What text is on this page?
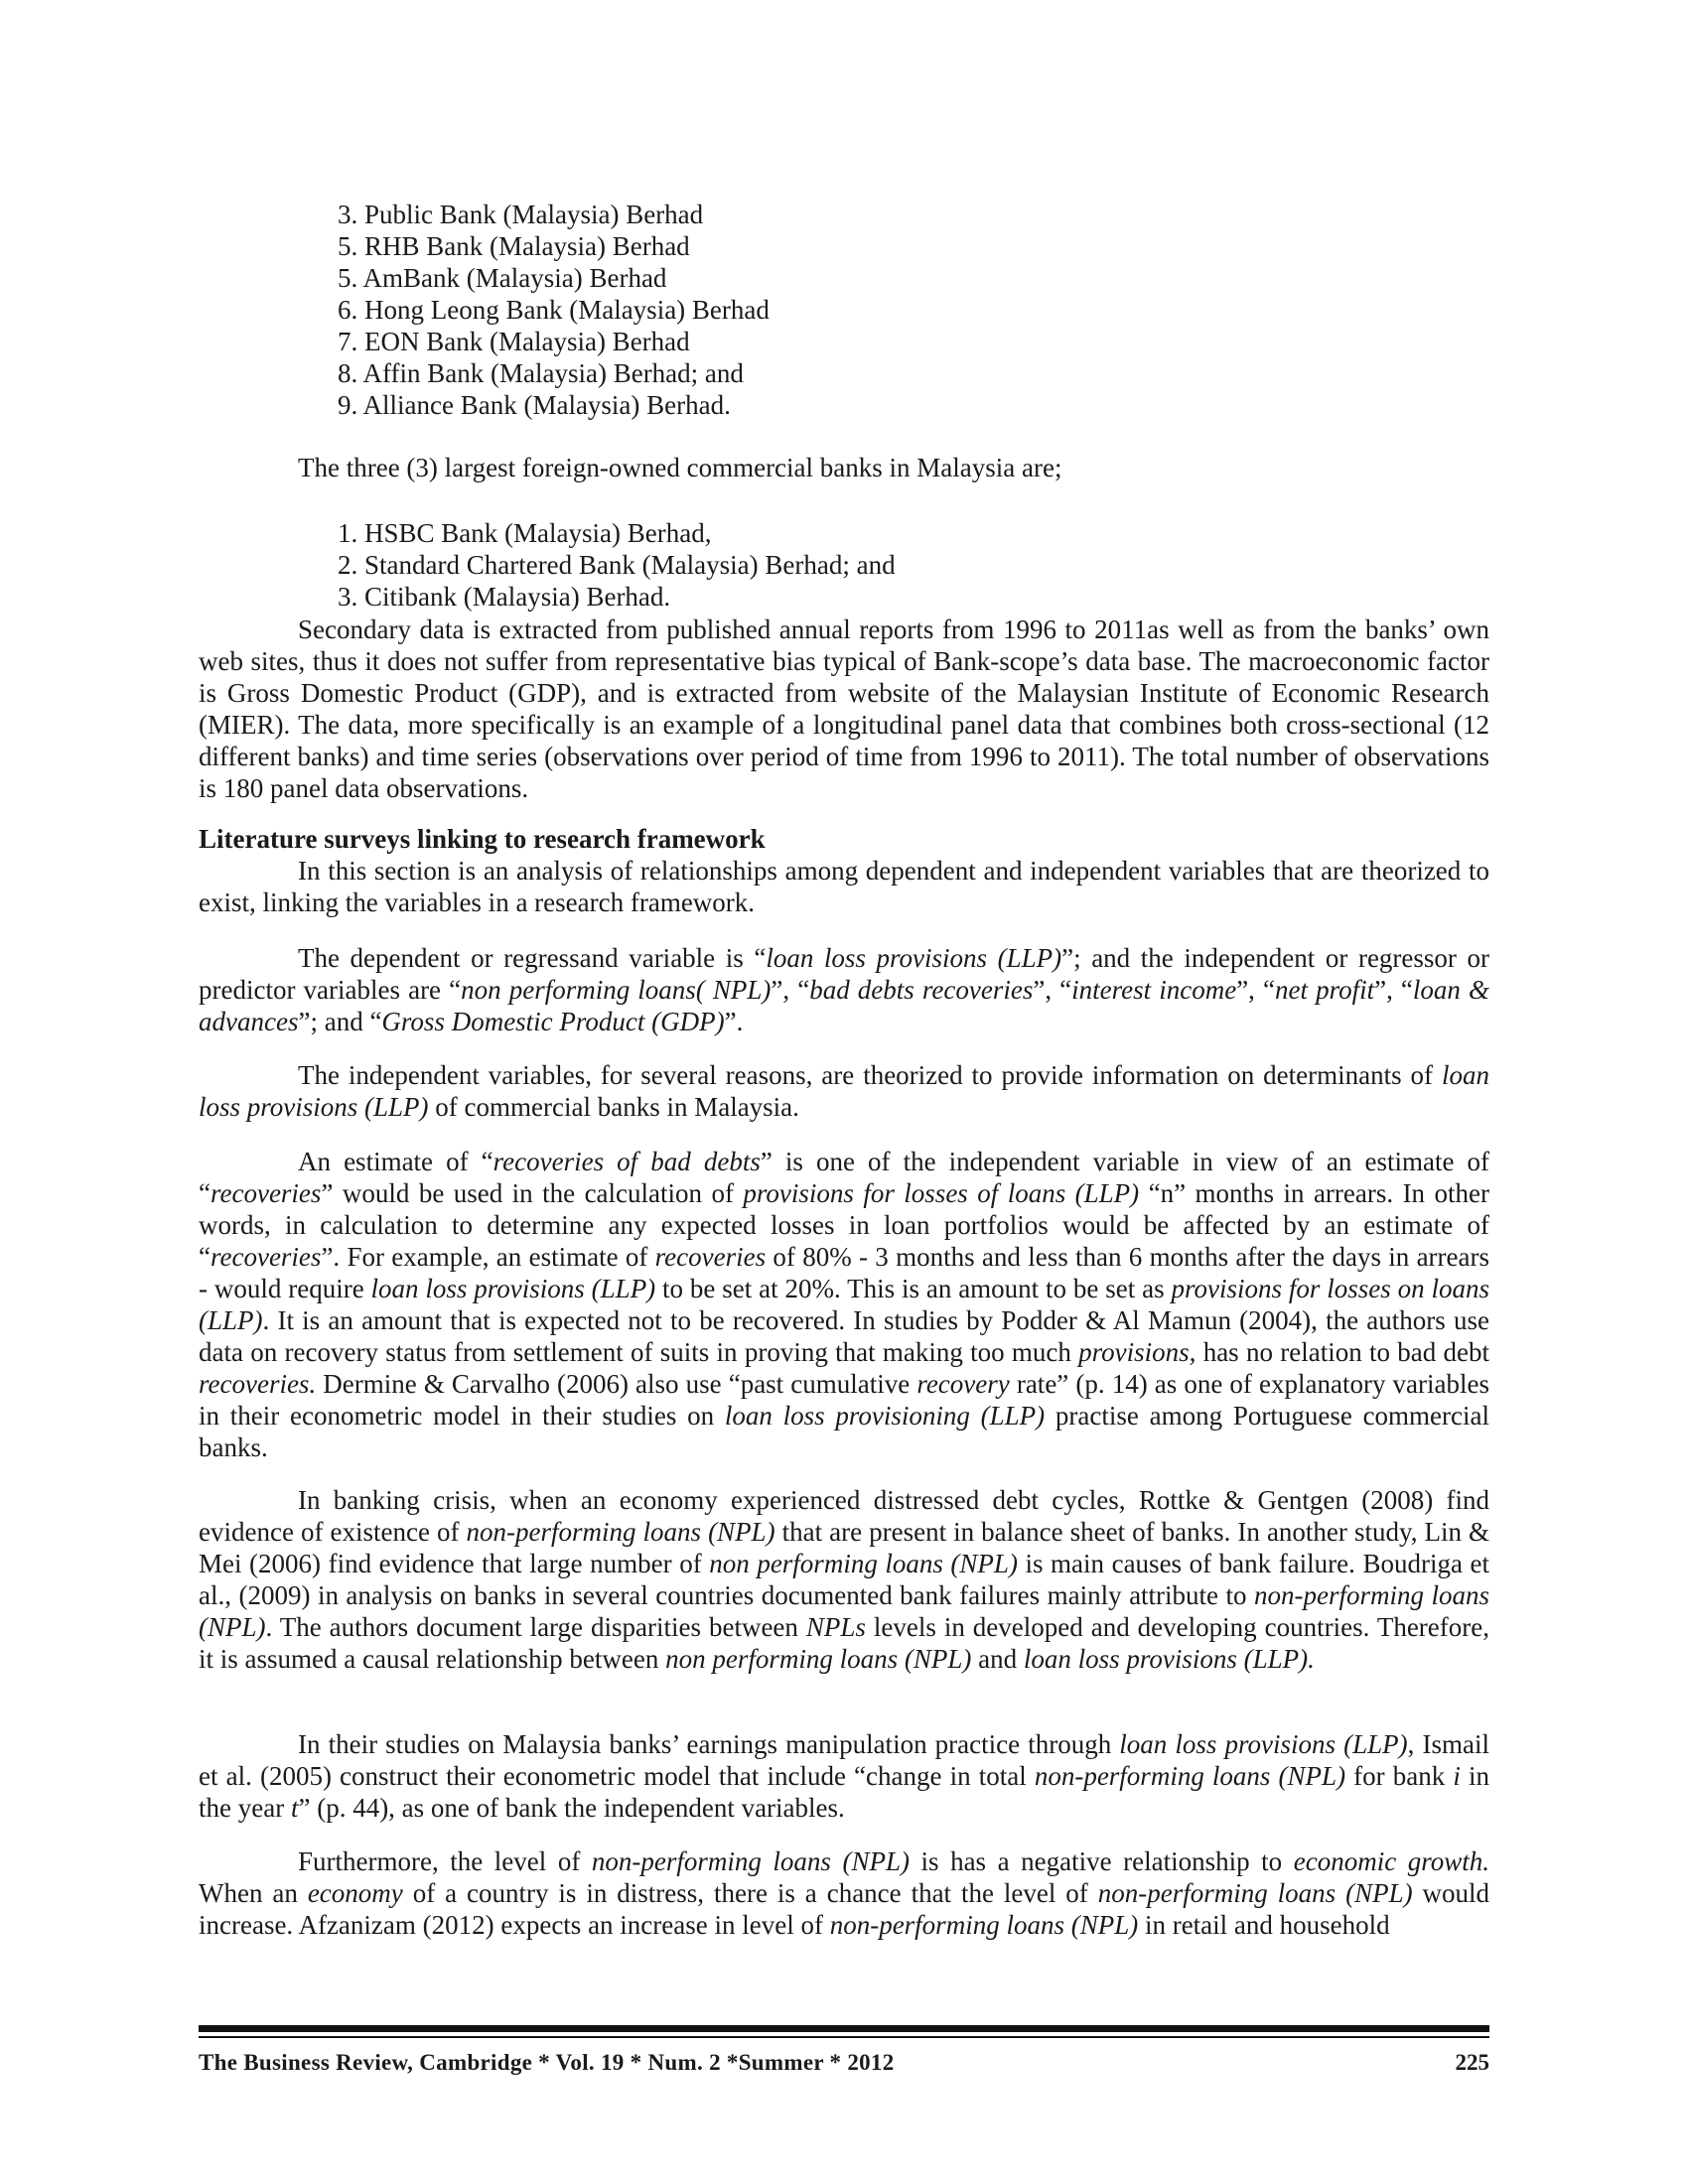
3. Public Bank (Malaysia) Berhad
5. RHB Bank (Malaysia) Berhad
5. AmBank (Malaysia) Berhad
6. Hong Leong Bank (Malaysia) Berhad
7. EON Bank (Malaysia) Berhad
8. Affin Bank (Malaysia) Berhad; and
9. Alliance Bank (Malaysia) Berhad.

The three (3) largest foreign-owned commercial banks in Malaysia are;

1. HSBC Bank (Malaysia) Berhad,
2. Standard Chartered Bank (Malaysia) Berhad; and
3. Citibank (Malaysia) Berhad.

Secondary data is extracted from published annual reports from 1996 to 2011as well as from the banks’ own web sites, thus it does not suffer from representative bias typical of Bank-scope’s data base. The macroeconomic factor is Gross Domestic Product (GDP), and is extracted from website of the Malaysian Institute of Economic Research (MIER). The data, more specifically is an example of a longitudinal panel data that combines both cross-sectional (12 different banks) and time series (observations over period of time from 1996 to 2011). The total number of observations is 180 panel data observations.

Literature surveys linking to research framework

In this section is an analysis of relationships among dependent and independent variables that are theorized to exist, linking the variables in a research framework.

The dependent or regressand variable is “loan loss provisions (LLP)”; and the independent or regressor or predictor variables are “non performing loans( NPL)”, “bad debts recoveries”, “interest income”, “net profit”, “loan & advances”; and “Gross Domestic Product (GDP)”.

The independent variables, for several reasons, are theorized to provide information on determinants of loan loss provisions (LLP) of commercial banks in Malaysia.

An estimate of “recoveries of bad debts” is one of the independent variable in view of an estimate of “recoveries” would be used in the calculation of provisions for losses of loans (LLP) “n” months in arrears. In other words, in calculation to determine any expected losses in loan portfolios would be affected by an estimate of “recoveries”. For example, an estimate of recoveries of 80% - 3 months and less than 6 months after the days in arrears - would require loan loss provisions (LLP) to be set at 20%. This is an amount to be set as provisions for losses on loans (LLP). It is an amount that is expected not to be recovered. In studies by Podder & Al Mamun (2004), the authors use data on recovery status from settlement of suits in proving that making too much provisions, has no relation to bad debt recoveries. Dermine & Carvalho (2006) also use “past cumulative recovery rate” (p. 14) as one of explanatory variables in their econometric model in their studies on loan loss provisioning (LLP) practise among Portuguese commercial banks.

In banking crisis, when an economy experienced distressed debt cycles, Rottke & Gentgen (2008) find evidence of existence of non-performing loans (NPL) that are present in balance sheet of banks. In another study, Lin & Mei (2006) find evidence that large number of non performing loans (NPL) is main causes of bank failure. Boudriga et al., (2009) in analysis on banks in several countries documented bank failures mainly attribute to non-performing loans (NPL). The authors document large disparities between NPLs levels in developed and developing countries. Therefore, it is assumed a causal relationship between non performing loans (NPL) and loan loss provisions (LLP).

In their studies on Malaysia banks’ earnings manipulation practice through loan loss provisions (LLP), Ismail et al. (2005) construct their econometric model that include “change in total non-performing loans (NPL) for bank i in the year t” (p. 44), as one of bank the independent variables.

Furthermore, the level of non-performing loans (NPL) is has a negative relationship to economic growth. When an economy of a country is in distress, there is a chance that the level of non-performing loans (NPL) would increase. Afzanizam (2012) expects an increase in level of non-performing loans (NPL) in retail and household

The Business Review, Cambridge * Vol. 19 * Num. 2 *Summer * 2012	225
